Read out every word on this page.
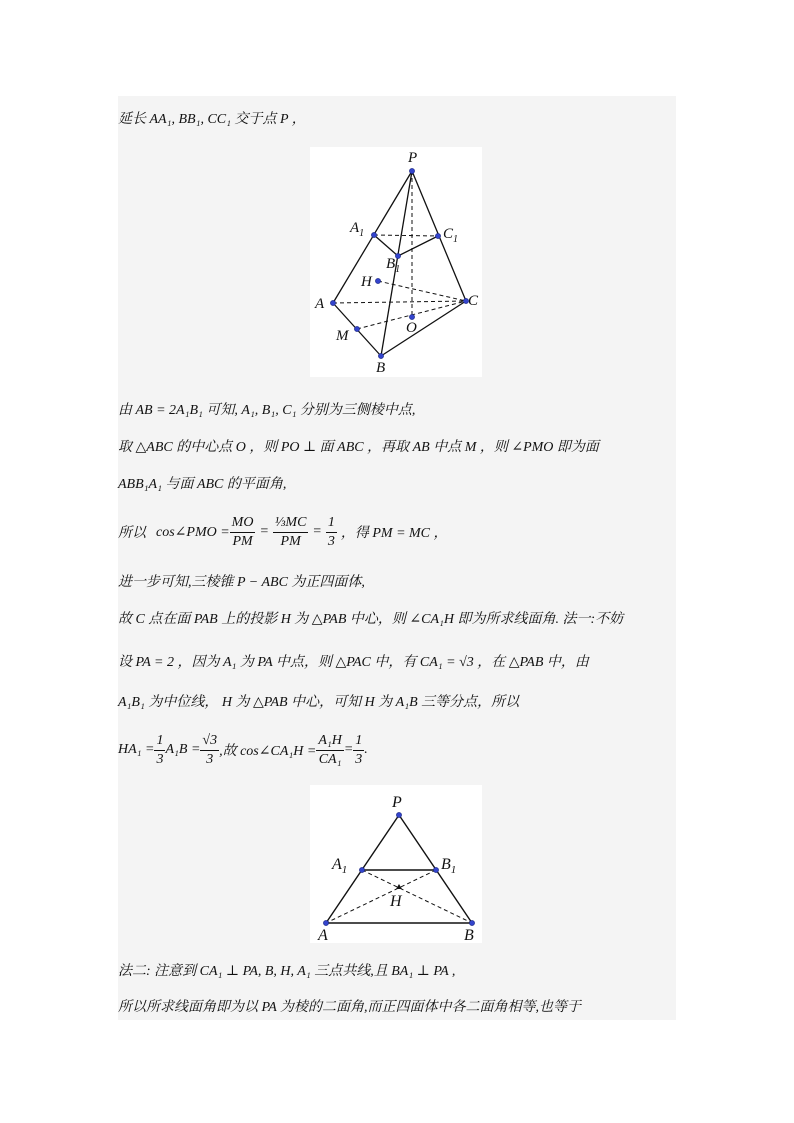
延长 AA₁, BB₁, CC₁ 交于点 P ，
P
$A_1$	$C_1$
$B_1$
H
A	C
O
M
B
由 AB = 2A₁B₁ 可知, A₁, B₁, C₁ 分别为三侧棱中点,
取 △ABC 的中心点 O ，则 PO ⊥ 面 ABC ，再取 AB 中点 M ，则 ∠PMO 即为面
ABB₁A₁ 与面 ABC 的平面角,
所以 cos∠PMO = $\frac{MO}{PM} = \frac{\text{⅓MC}}{PM} = \frac{1}{3}$ ，得 PM = MC ，
进一步可知,三棱锥 P − ABC 为正四面体,
故 C 点在面 PAB 上的投影 H 为 △PAB 中心，则 ∠CA₁H 即为所求线面角. 法一:不妨
设 PA = 2 ，因为 A₁ 为 PA 中点，则 △PAC 中，有 CA₁ = √3 ，在 △PAB 中，由
A₁B₁ 为中位线， H 为 △PAB 中心，可知 H 为 A₁B 三等分点，所以
$HA_1 = \frac{1}{3} A_1B = \frac{√3}{3}$ ,故 cos∠CA₁H = $\frac{\text{A₁H}}{\text{CA₁}} = \frac{1}{3}$ .
P
$A_1$	$B_1$
H
A	B
法二: 注意到 CA₁ ⊥ PA, B, H, A₁ 三点共线,且 BA₁ ⊥ PA ,
所以所求线面角即为以 PA 为棱的二面角,而正四面体中各二面角相等,也等于
